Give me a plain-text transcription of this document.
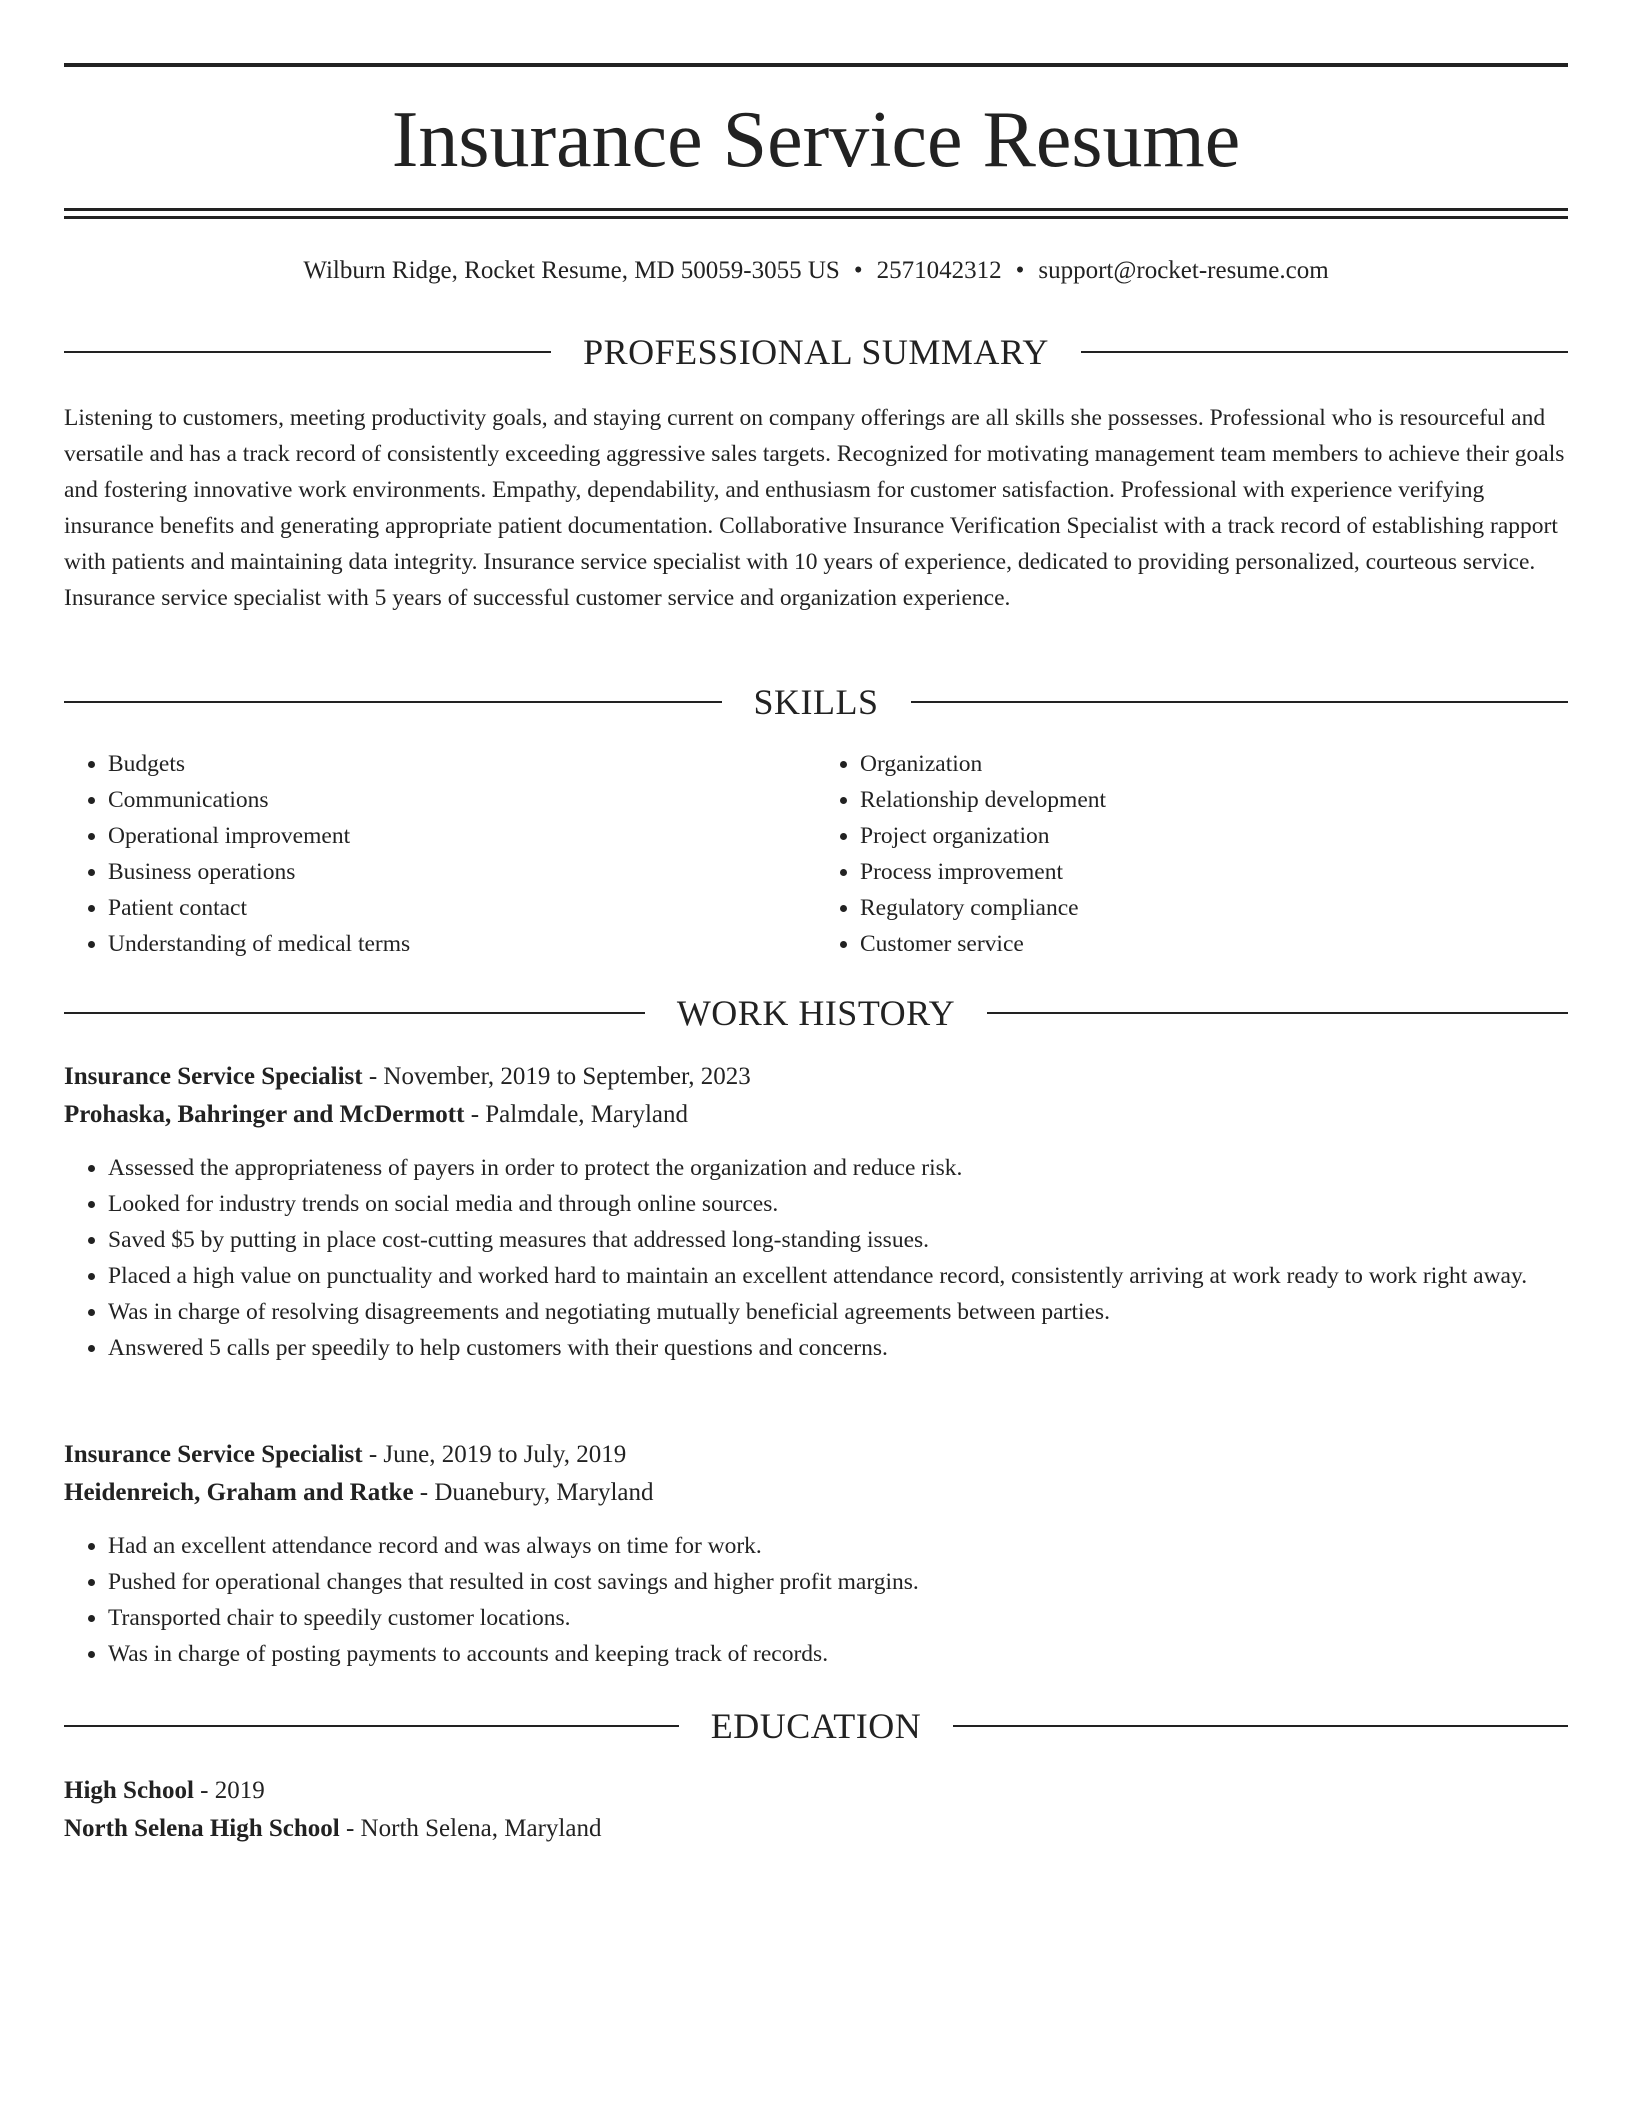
Insurance Service Resume
Wilburn Ridge, Rocket Resume, MD 50059-3055 US • 2571042312 • support@rocket-resume.com
PROFESSIONAL SUMMARY

Listening to customers, meeting productivity goals, and staying current on company offerings are all skills she possesses. Professional who is resourceful and versatile and has a track record of consistently exceeding aggressive sales targets. Recognized for motivating management team members to achieve their goals and fostering innovative work environments. Empathy, dependability, and enthusiasm for customer satisfaction. Professional with experience verifying insurance benefits and generating appropriate patient documentation. Collaborative Insurance Verification Specialist with a track record of establishing rapport with patients and maintaining data integrity. Insurance service specialist with 10 years of experience, dedicated to providing personalized, courteous service. Insurance service specialist with 5 years of successful customer service and organization experience.

SKILLS
• Budgets
• Communications
• Operational improvement
• Business operations
• Patient contact
• Understanding of medical terms
• Organization
• Relationship development
• Project organization
• Process improvement
• Regulatory compliance
• Customer service
WORK HISTORY

Insurance Service Specialist - November, 2019 to September, 2023

Prohaska, Bahringer and McDermott - Palmdale, Maryland

• Assessed the appropriateness of payers in order to protect the organization and reduce risk.
• Looked for industry trends on social media and through online sources.
• Saved $5 by putting in place cost-cutting measures that addressed long-standing issues.
• Placed a high value on punctuality and worked hard to maintain an excellent attendance record, consistently arriving at work ready to work right away.
• Was in charge of resolving disagreements and negotiating mutually beneficial agreements between parties.
• Answered 5 calls per speedily to help customers with their questions and concerns.

Insurance Service Specialist - June, 2019 to July, 2019

Heidenreich, Graham and Ratke - Duanebury, Maryland

• Had an excellent attendance record and was always on time for work.
• Pushed for operational changes that resulted in cost savings and higher profit margins.
• Transported chair to speedily customer locations.
• Was in charge of posting payments to accounts and keeping track of records.
EDUCATION

High School - 2019

North Selena High School - North Selena, Maryland
